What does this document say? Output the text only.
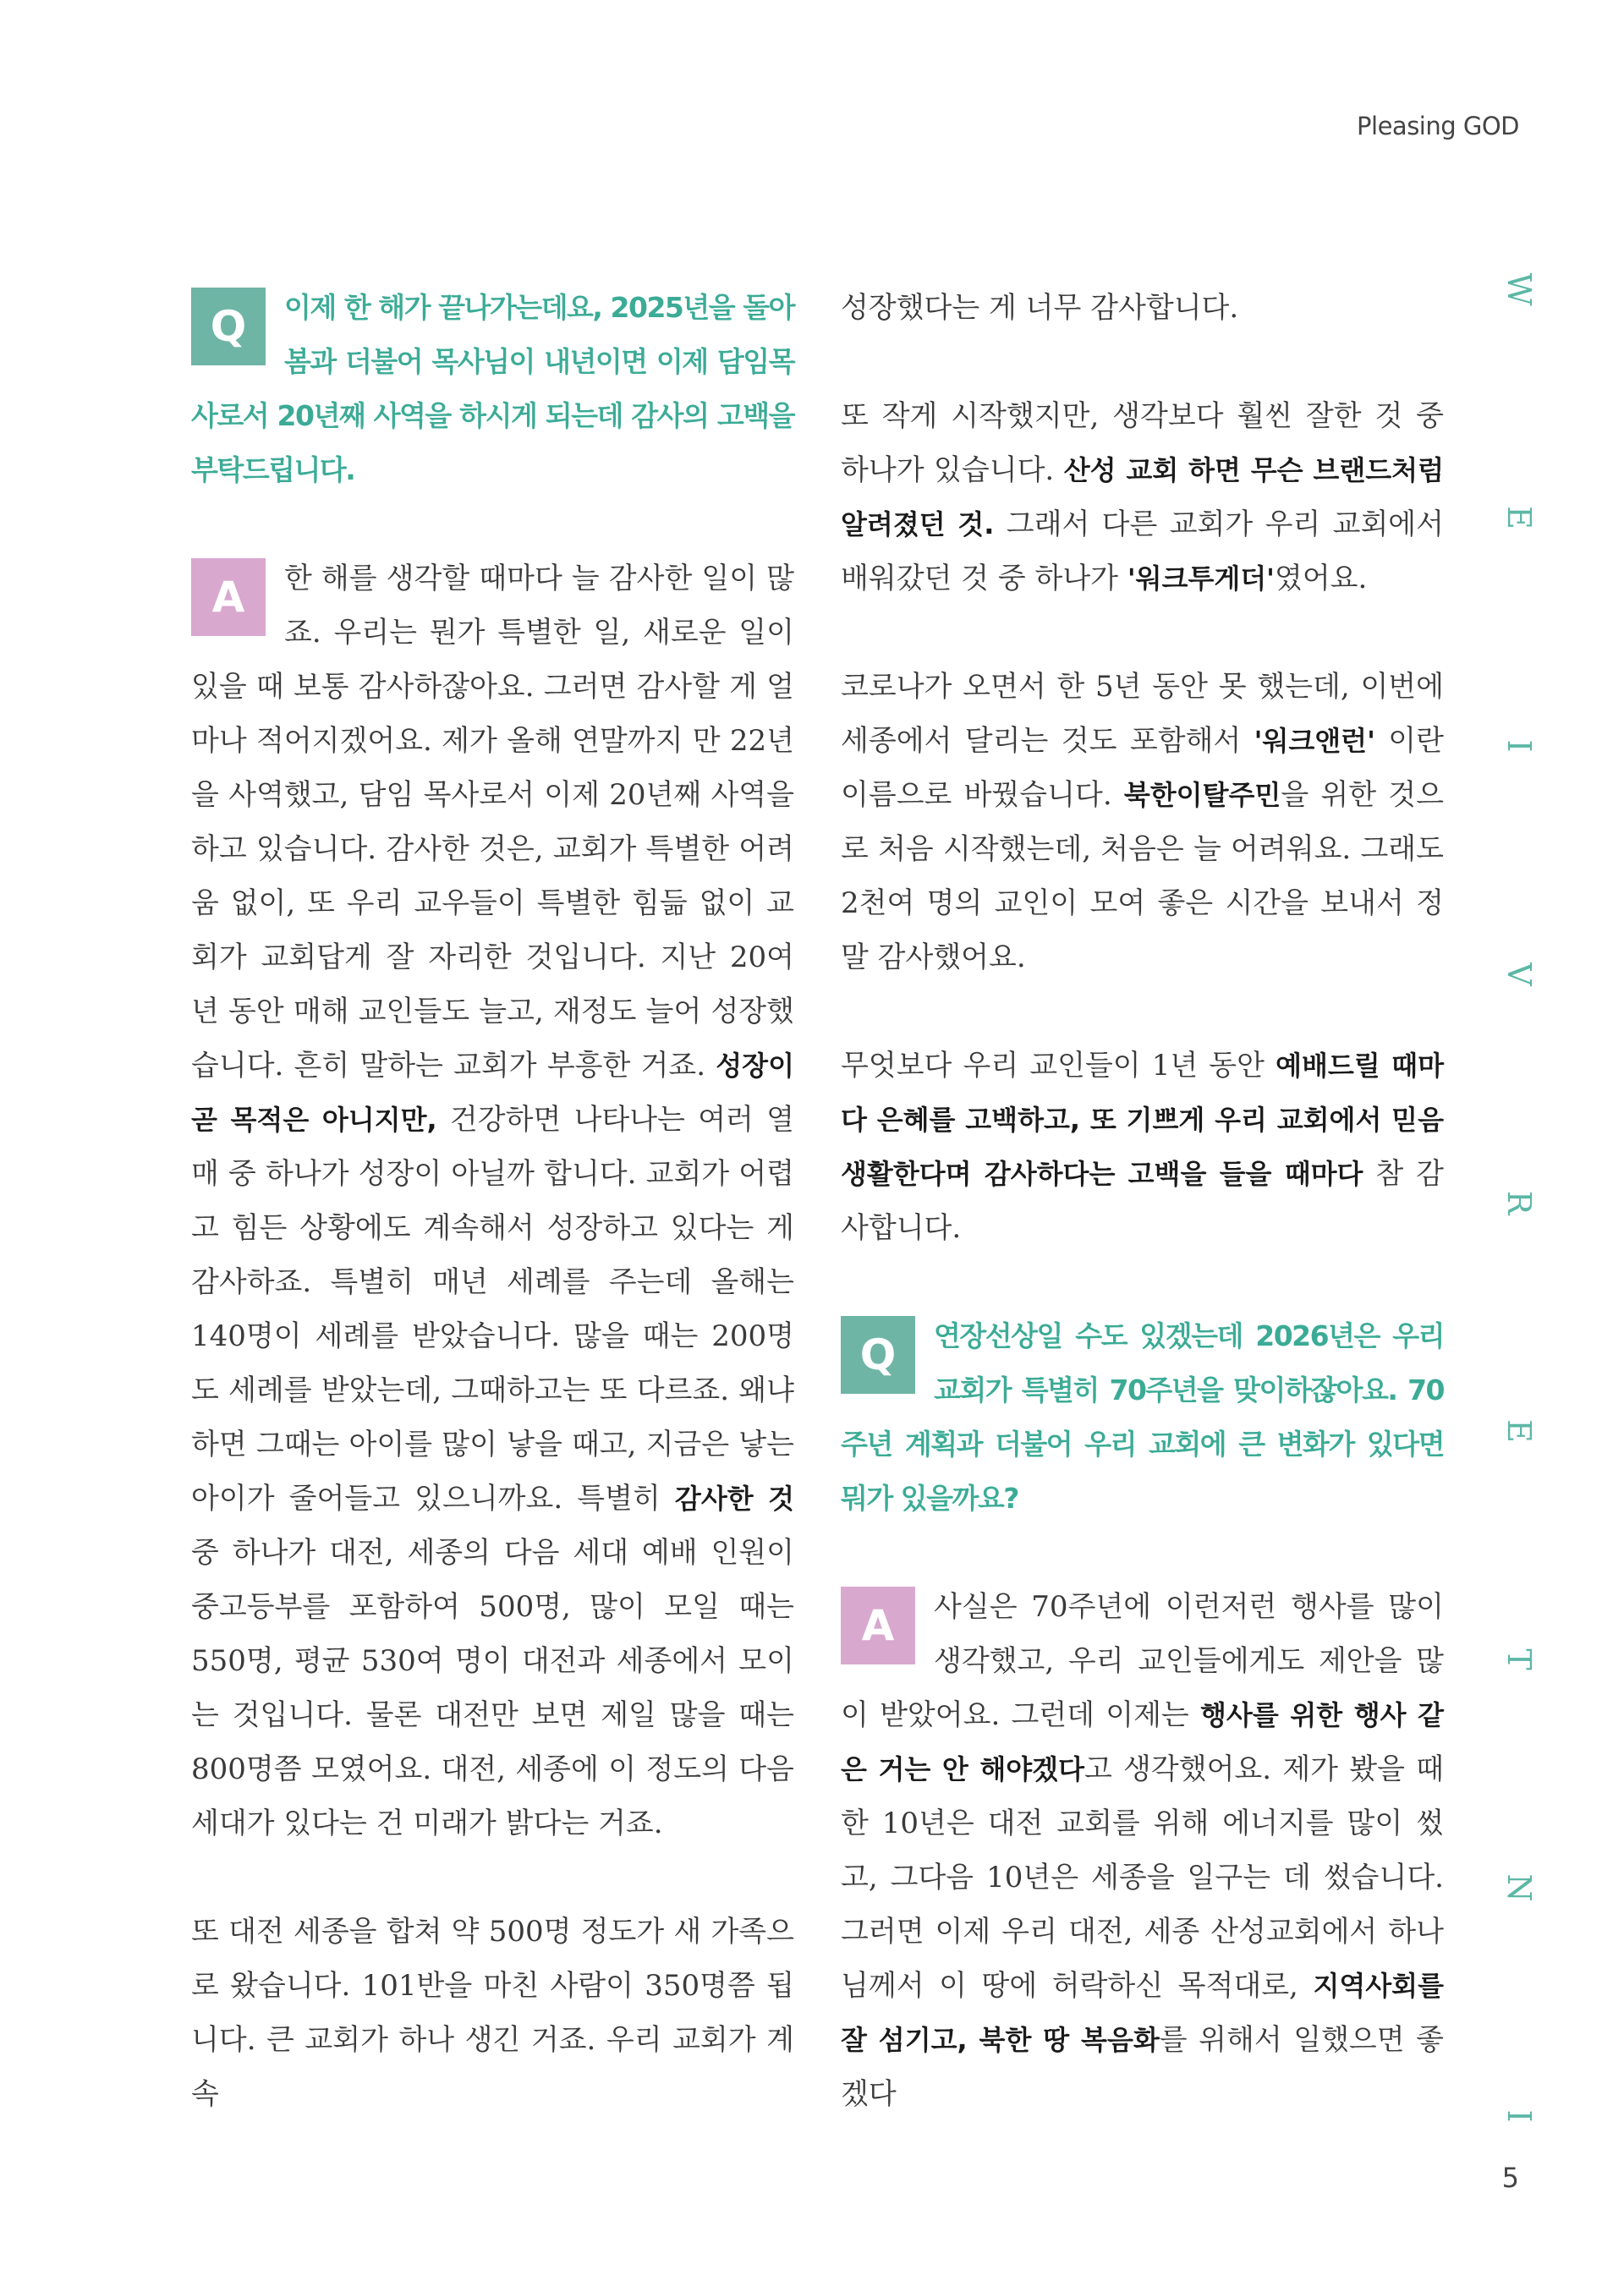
Pleasing GOD
Q	이제 한 해가 끝나가는데요, 2025년을 돌아봄과 더불어 목사님이 내년이면 이제 담임목사로서 20년째 사역을 하시게 되는데 감사의 고백을 부탁드립니다.
A	한 해를 생각할 때마다 늘 감사한 일이 많죠. 우리는 뭔가 특별한 일, 새로운 일이 있을 때 보통 감사하잖아요. 그러면 감사할 게 얼마나 적어지겠어요. 제가 올해 연말까지 만 22년을 사역했고, 담임 목사로서 이제 20년째 사역을 하고 있습니다. 감사한 것은, 교회가 특별한 어려움 없이, 또 우리 교우들이 특별한 힘듦 없이 교회가 교회답게 잘 자리한 것입니다. 지난 20여 년 동안 매해 교인들도 늘고, 재정도 늘어 성장했습니다. 흔히 말하는 교회가 부흥한 거죠. 성장이 곧 목적은 아니지만, 건강하면 나타나는 여러 열매 중 하나가 성장이 아닐까 합니다. 교회가 어렵고 힘든 상황에도 계속해서 성장하고 있다는 게 감사하죠. 특별히 매년 세례를 주는데 올해는 140명이 세례를 받았습니다. 많을 때는 200명도 세례를 받았는데, 그때하고는 또 다르죠. 왜냐하면 그때는 아이를 많이 낳을 때고, 지금은 낳는 아이가 줄어들고 있으니까요. 특별히 감사한 것 중 하나가 대전, 세종의 다음 세대 예배 인원이 중고등부를 포함하여 500명, 많이 모일 때는 550명, 평균 530여 명이 대전과 세종에서 모이는 것입니다. 물론 대전만 보면 제일 많을 때는 800명쯤 모였어요. 대전, 세종에 이 정도의 다음 세대가 있다는 건 미래가 밝다는 거죠.

또 대전 세종을 합쳐 약 500명 정도가 새 가족으로 왔습니다. 101반을 마친 사람이 350명쯤 됩니다. 큰 교회가 하나 생긴 거죠. 우리 교회가 계속

성장했다는 게 너무 감사합니다.

또 작게 시작했지만, 생각보다 훨씬 잘한 것 중 하나가 있습니다. 산성 교회 하면 무슨 브랜드처럼 알려졌던 것. 그래서 다른 교회가 우리 교회에서 배워갔던 것 중 하나가 '워크투게더'였어요.

코로나가 오면서 한 5년 동안 못 했는데, 이번에 세종에서 달리는 것도 포함해서 '워크앤런' 이란 이름으로 바꿨습니다. 북한이탈주민을 위한 것으로 처음 시작했는데, 처음은 늘 어려워요. 그래도 2천여 명의 교인이 모여 좋은 시간을 보내서 정말 감사했어요.

무엇보다 우리 교인들이 1년 동안 예배드릴 때마다 은혜를 고백하고, 또 기쁘게 우리 교회에서 믿음 생활한다며 감사하다는 고백을 들을 때마다 참 감사합니다.

Q	연장선상일 수도 있겠는데 2026년은 우리 교회가 특별히 70주년을 맞이하잖아요. 70주년 계획과 더불어 우리 교회에 큰 변화가 있다면 뭐가 있을까요?
A	사실은 70주년에 이런저런 행사를 많이 생각했고, 우리 교인들에게도 제안을 많이 받았어요. 그런데 이제는 행사를 위한 행사 같은 거는 안 해야겠다고 생각했어요. 제가 봤을 때 한 10년은 대전 교회를 위해 에너지를 많이 썼고, 그다음 10년은 세종을 일구는 데 썼습니다. 그러면 이제 우리 대전, 세종 산성교회에서 하나님께서 이 땅에 허락하신 목적대로, 지역사회를 잘 섬기고, 북한 땅 복음화를 위해서 일했으면 좋겠다
W
E
I
V
R
E
T
N
I
5
